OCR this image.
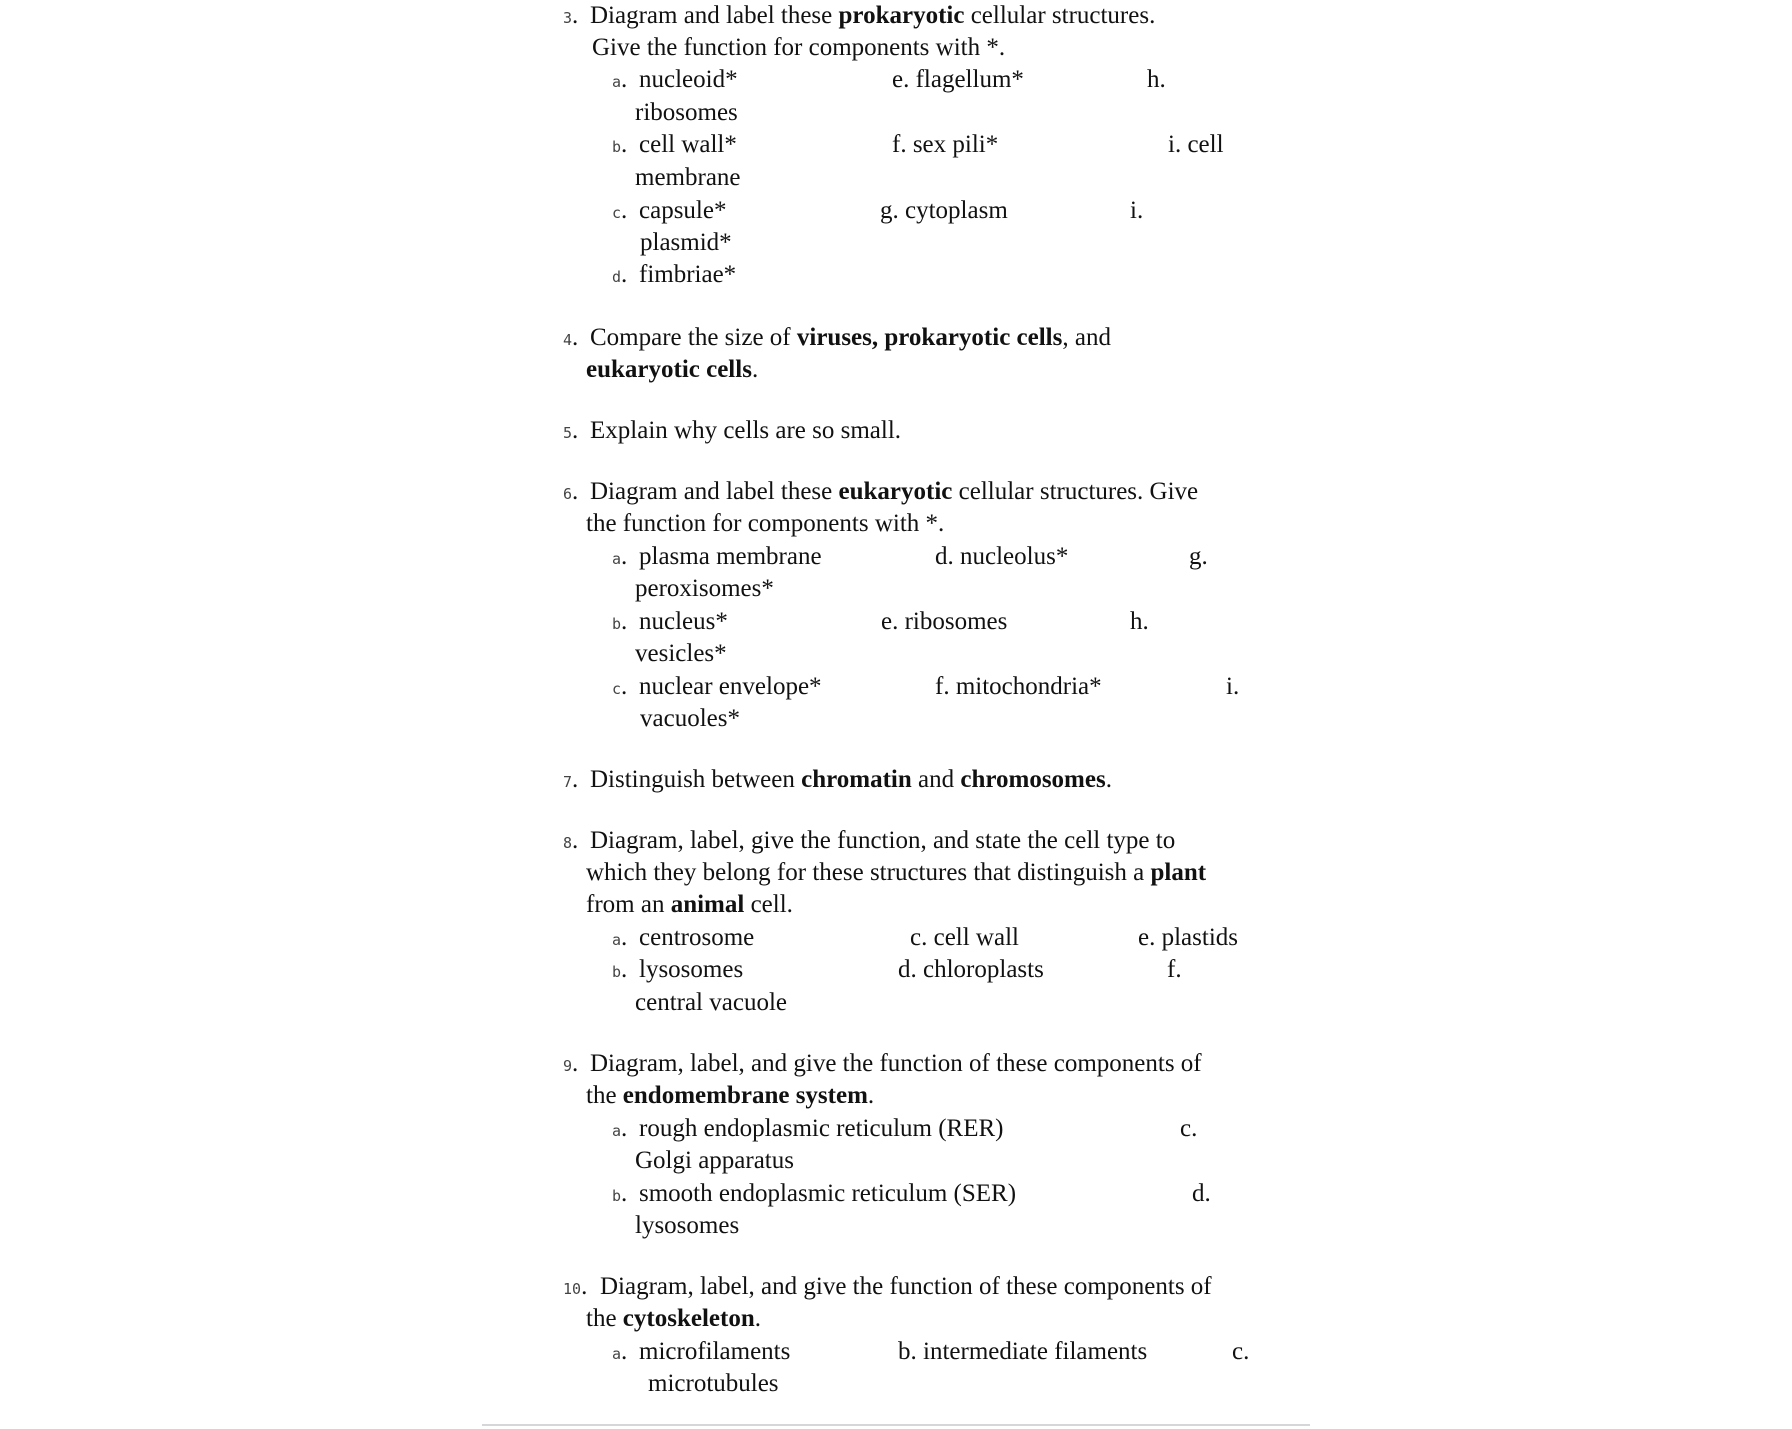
3. Diagram and label these prokaryotic cellular structures.
Give the function for components with *.
a. nucleoid*	e. flagellum*	h.
ribosomes
b. cell wall*	f. sex pili*	i. cell
membrane
c. capsule*	g. cytoplasm	i.
plasmid*
d. fimbriae*
4. Compare the size of viruses, prokaryotic cells, and
eukaryotic cells.
5. Explain why cells are so small.
6. Diagram and label these eukaryotic cellular structures. Give
the function for components with *.
a. plasma membrane	d. nucleolus*	g.
peroxisomes*
b. nucleus*	e. ribosomes	h.
vesicles*
c. nuclear envelope*	f. mitochondria*	i.
vacuoles*
7. Distinguish between chromatin and chromosomes.
8. Diagram, label, give the function, and state the cell type to
which they belong for these structures that distinguish a plant
from an animal cell.
a. centrosome	c. cell wall	e. plastids
b. lysosomes	d. chloroplasts	f.
central vacuole
9. Diagram, label, and give the function of these components of
the endomembrane system.
a. rough endoplasmic reticulum (RER)	c.
Golgi apparatus
b. smooth endoplasmic reticulum (SER)	d.
lysosomes
10. Diagram, label, and give the function of these components of
the cytoskeleton.
a. microfilaments	b. intermediate filaments	c.
microtubules
